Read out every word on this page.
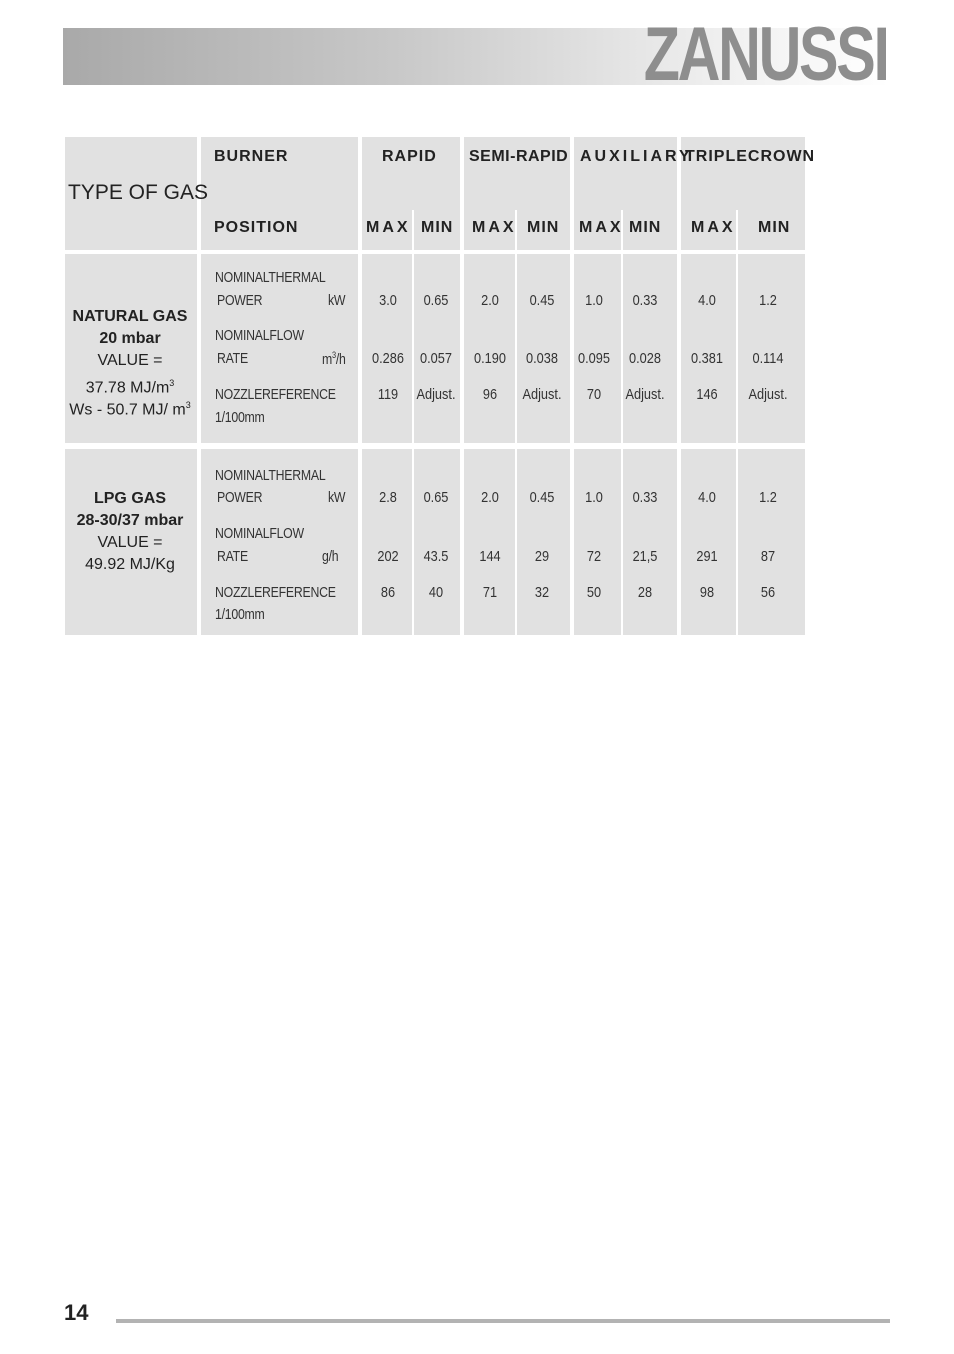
ZANUSSI
TYPE OF GAS
BURNER
POSITION
RAPID SEMI-RAPID AUXILIARY
TRIPLECROWN
MAX MIN MAX MIN MAX MIN MAX MIN
NATURAL GAS
20 mbar
VALUE =
37.78 $MJ/m^3$
Ws - 50.7 MJ/ $m^3$
NOMINALTHERMAL
POWER	kW
NOMINALFLOW
RATE	$m^3/h$
NOZZLEREFERENCE
1/100mm
3.0	0.65	2.0	0.45	1.0	0.33	4.0	1.2
0.286	0.057	0.190	0.038	0.095	0.028	0.381	0.114
119	Adjust.	96	Adjust.	70	Adjust.	146	Adjust.
LPG GAS
28-30/37 mbar
VALUE =
49.92 MJ/Kg
NOMINALTHERMAL
POWER	kW
NOMINALFLOW
RATE	g/h
NOZZLEREFERENCE
1/100mm
2.8	0.65	2.0	0.45	1.0	0.33	4.0	1.2
202	43.5	144	29	72	21,5	291	87
86	40	71	32	50	28	98	56
14
